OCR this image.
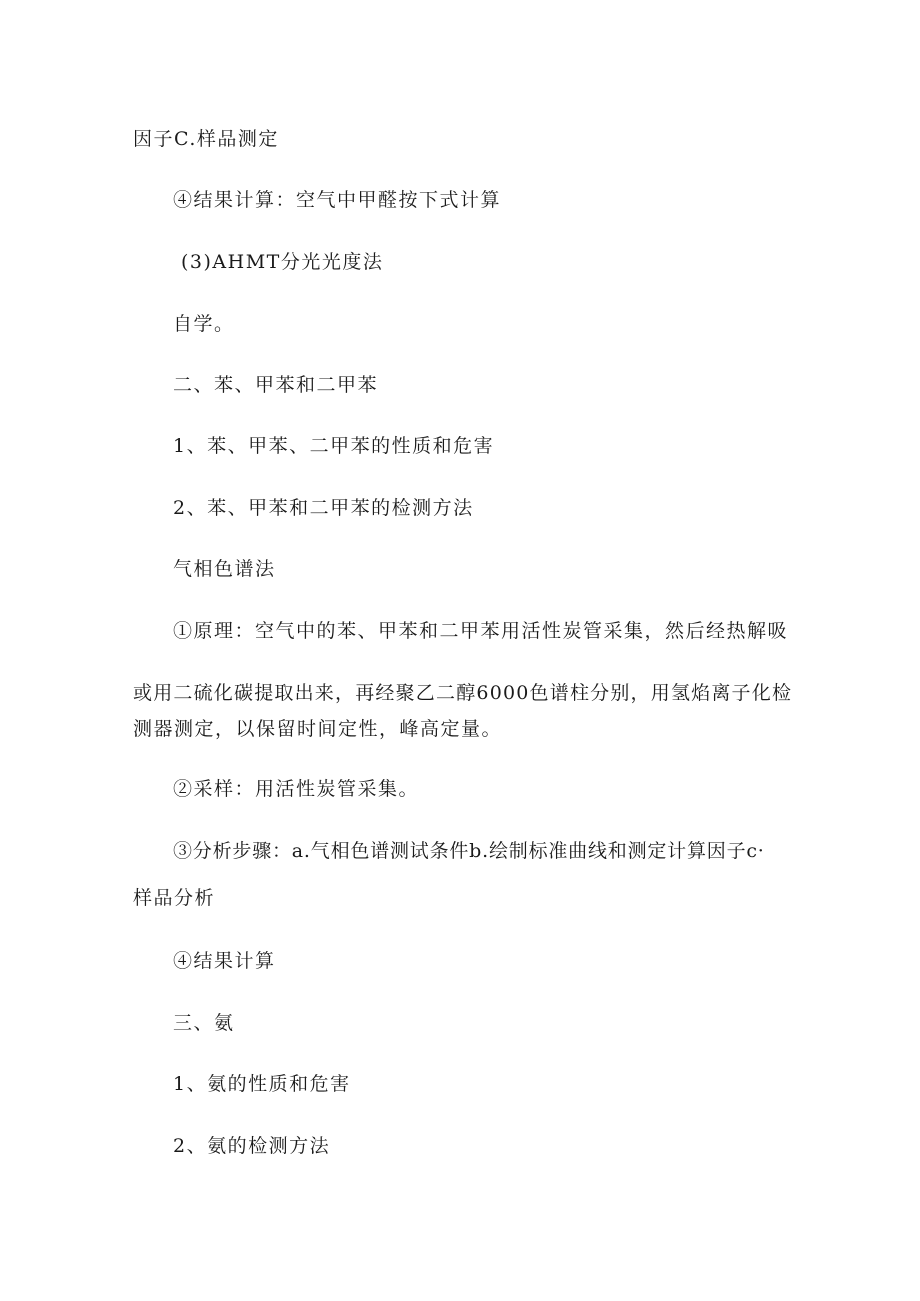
因子C.样品测定
④结果计算：空气中甲醛按下式计算
(3)AHMT分光光度法
自学。
二、苯、甲苯和二甲苯
1、苯、甲苯、二甲苯的性质和危害
2、苯、甲苯和二甲苯的检测方法
气相色谱法
①原理：空气中的苯、甲苯和二甲苯用活性炭管采集，然后经热解吸
或用二硫化碳提取出来，再经聚乙二醇6000色谱柱分别，用氢焰离子化检
测器测定，以保留时间定性，峰高定量。
②采样：用活性炭管采集。
③分析步骤：a.气相色谱测试条件b.绘制标准曲线和测定计算因子c·
样品分析
④结果计算
三、氨
1、氨的性质和危害
2、氨的检测方法
